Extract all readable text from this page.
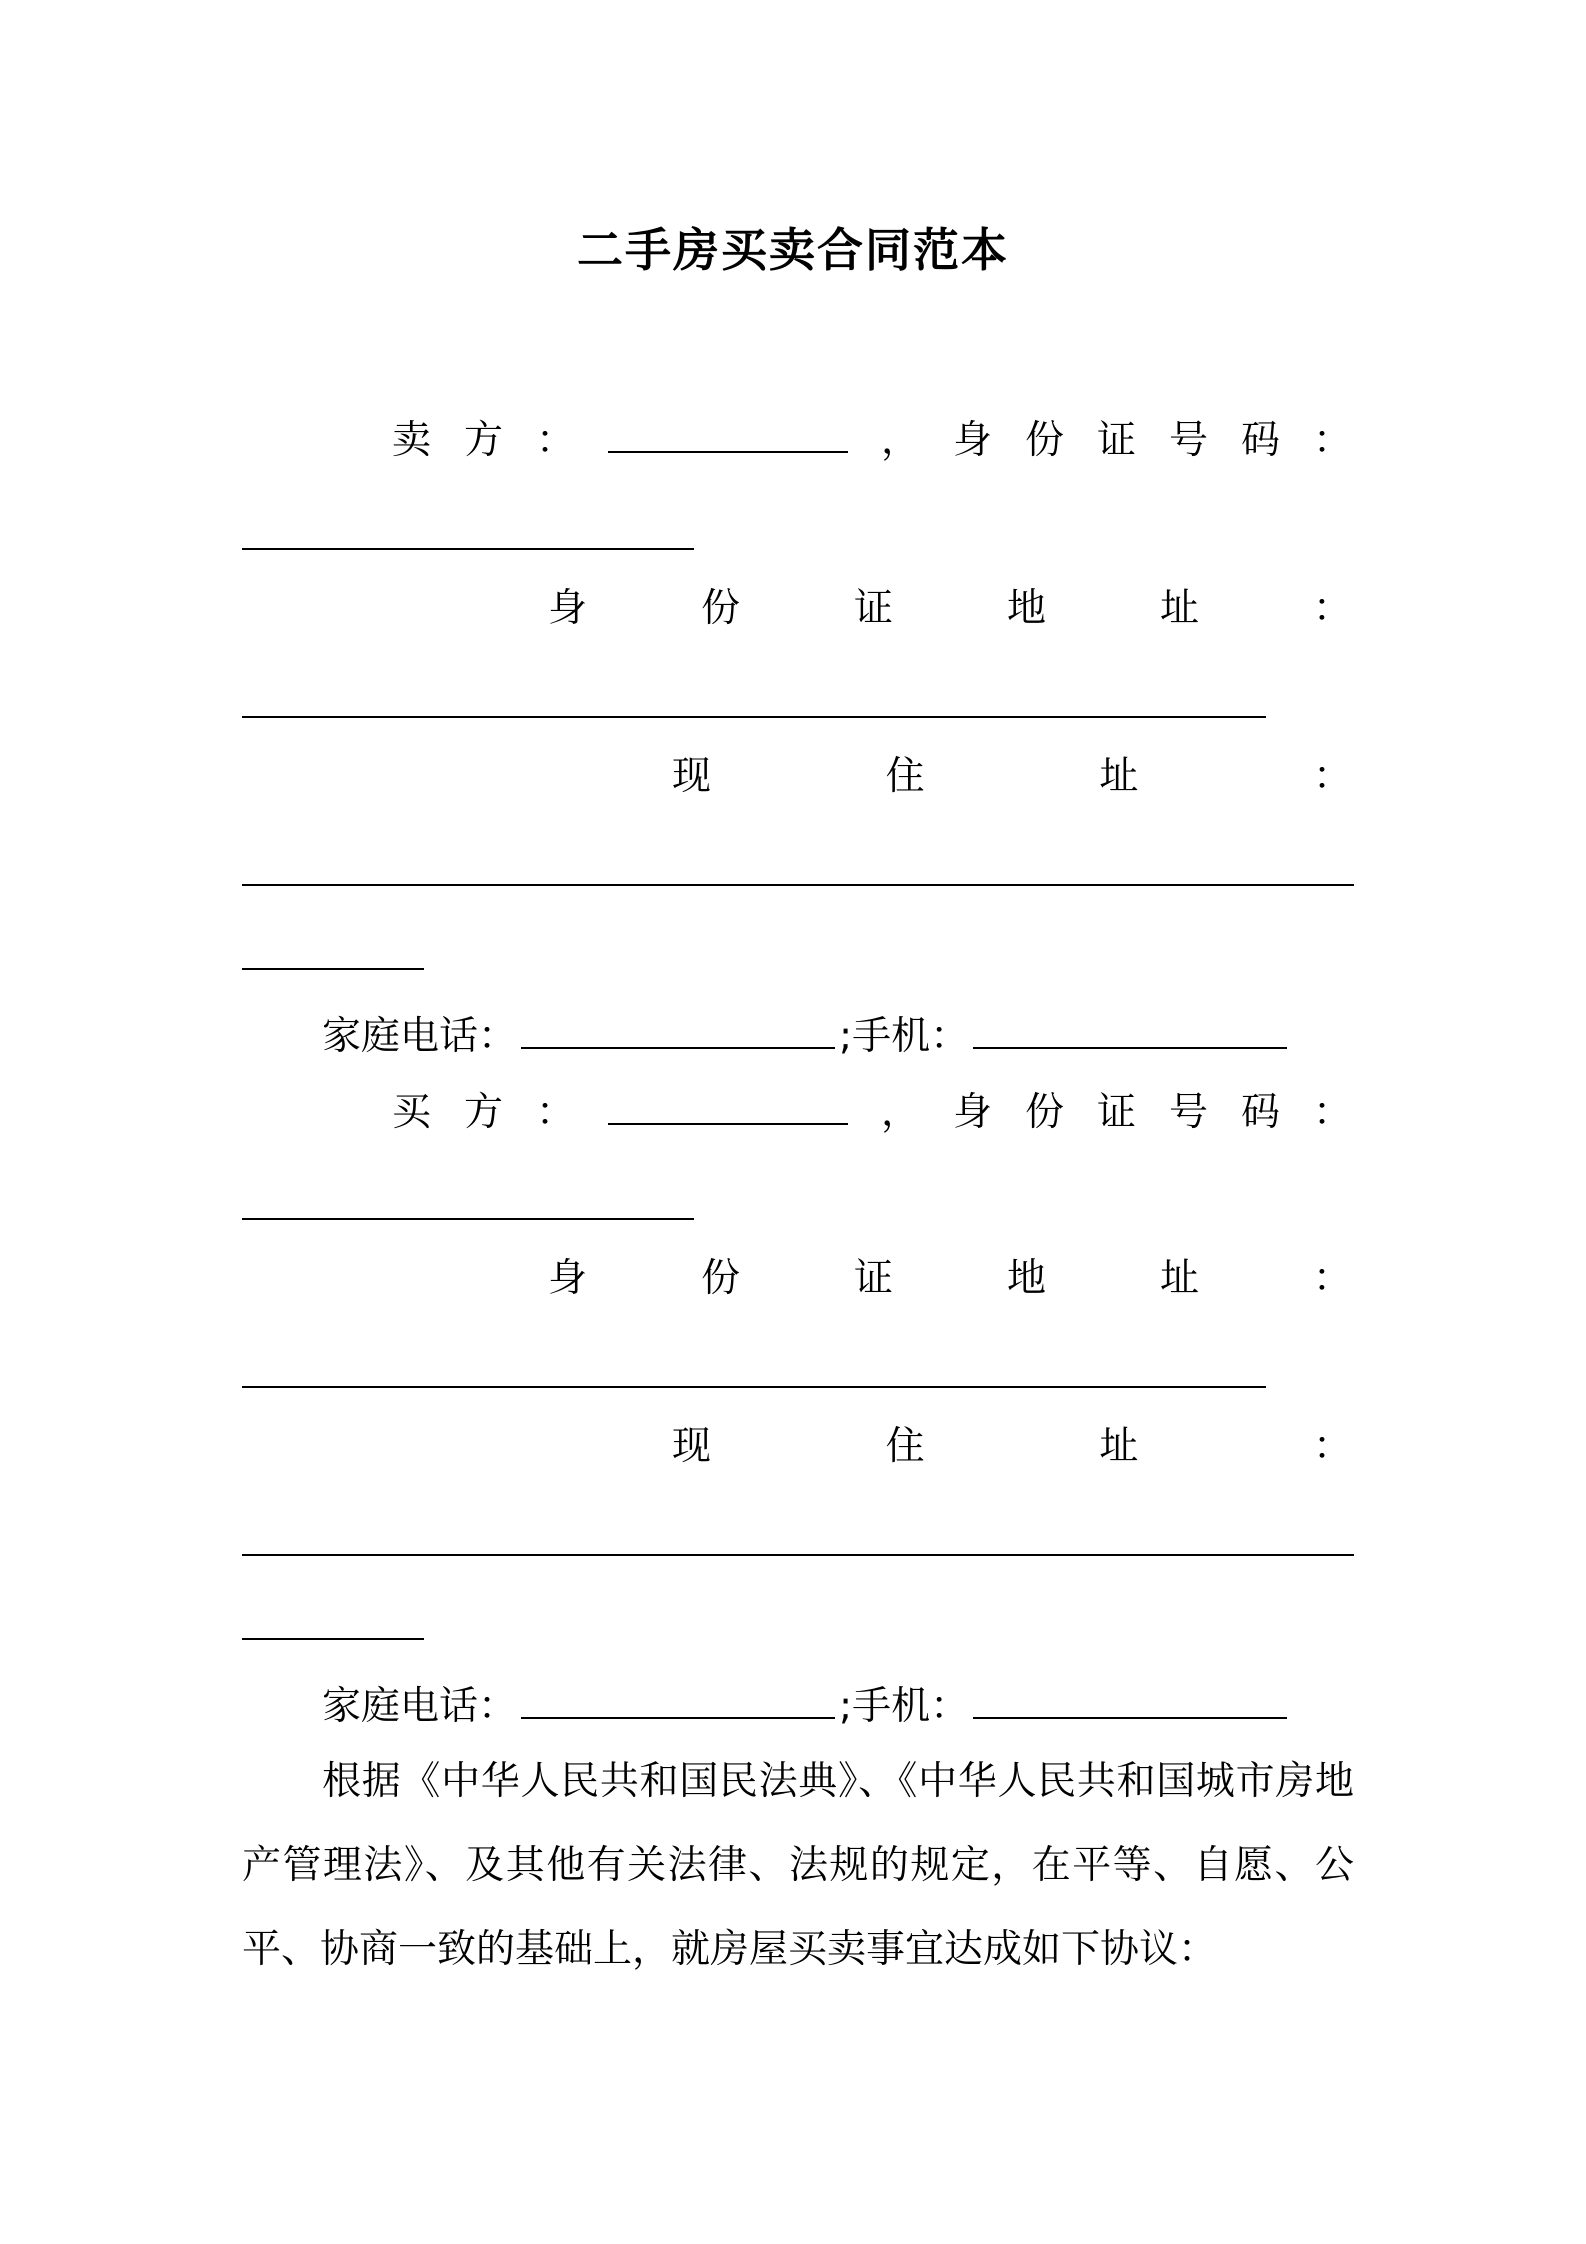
二手房买卖合同范本
卖 方 ：	， 身 份 证 号 码 ：
身	份	证	地	址	：
现	住	址	：
家庭电话：	;手机：
买 方 ：	， 身 份 证 号 码 ：
身	份	证	地	址	：
现	住	址	：
家庭电话：	;手机：
根据《中华人民共和国民法典》、《中华人民共和国城市房地产管理法》、及其他有关法律、法规的规定，在平等、自愿、公平、协商一致的基础上，就房屋买卖事宜达成如下协议：
